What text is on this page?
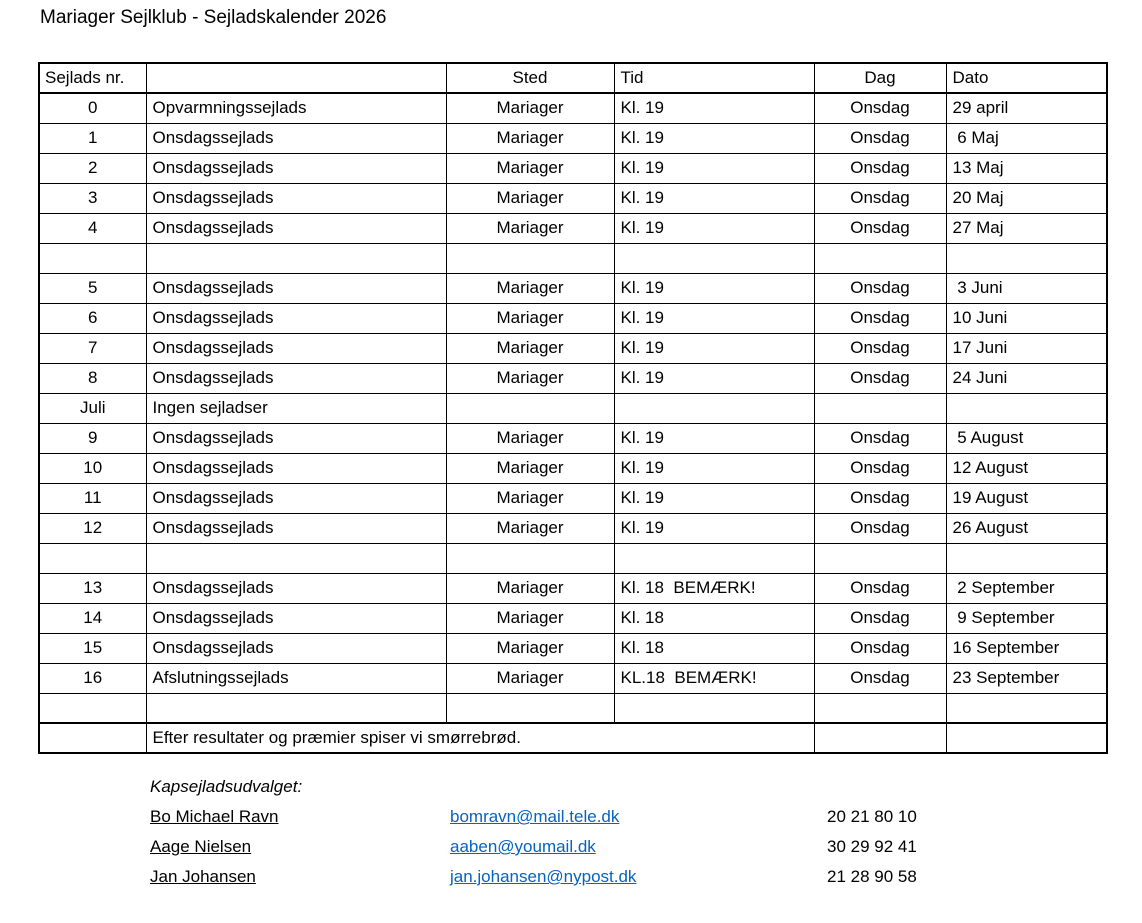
Mariager Sejlklub - Sejladskalender 2026
Sejlads nr.		Sted	Tid	Dag	Dato
0	Opvarmningssejlads	Mariager	Kl. 19	Onsdag	29 april
1	Onsdagssejlads	Mariager	Kl. 19	Onsdag	6 Maj
2	Onsdagssejlads	Mariager	Kl. 19	Onsdag	13 Maj
3	Onsdagssejlads	Mariager	Kl. 19	Onsdag	20 Maj
4	Onsdagssejlads	Mariager	Kl. 19	Onsdag	27 Maj

5	Onsdagssejlads	Mariager	Kl. 19	Onsdag	3 Juni
6	Onsdagssejlads	Mariager	Kl. 19	Onsdag	10 Juni
7	Onsdagssejlads	Mariager	Kl. 19	Onsdag	17 Juni
8	Onsdagssejlads	Mariager	Kl. 19	Onsdag	24 Juni
Juli	Ingen sejladser				
9	Onsdagssejlads	Mariager	Kl. 19	Onsdag	5 August
10	Onsdagssejlads	Mariager	Kl. 19	Onsdag	12 August
11	Onsdagssejlads	Mariager	Kl. 19	Onsdag	19 August
12	Onsdagssejlads	Mariager	Kl. 19	Onsdag	26 August

13	Onsdagssejlads	Mariager	Kl. 18  BEMÆRK!	Onsdag	2 September
14	Onsdagssejlads	Mariager	Kl. 18	Onsdag	9 September
15	Onsdagssejlads	Mariager	Kl. 18	Onsdag	16 September
16	Afslutningssejlads	Mariager	KL.18  BEMÆRK!	Onsdag	23 September

	Efter resultater og præmier spiser vi smørrebrød.				
Kapsejladsudvalget:
Bo Michael Ravn	bomravn@mail.tele.dk	20 21 80 10
Aage Nielsen	aaben@youmail.dk	30 29 92 41
Jan Johansen	jan.johansen@nypost.dk	21 28 90 58
